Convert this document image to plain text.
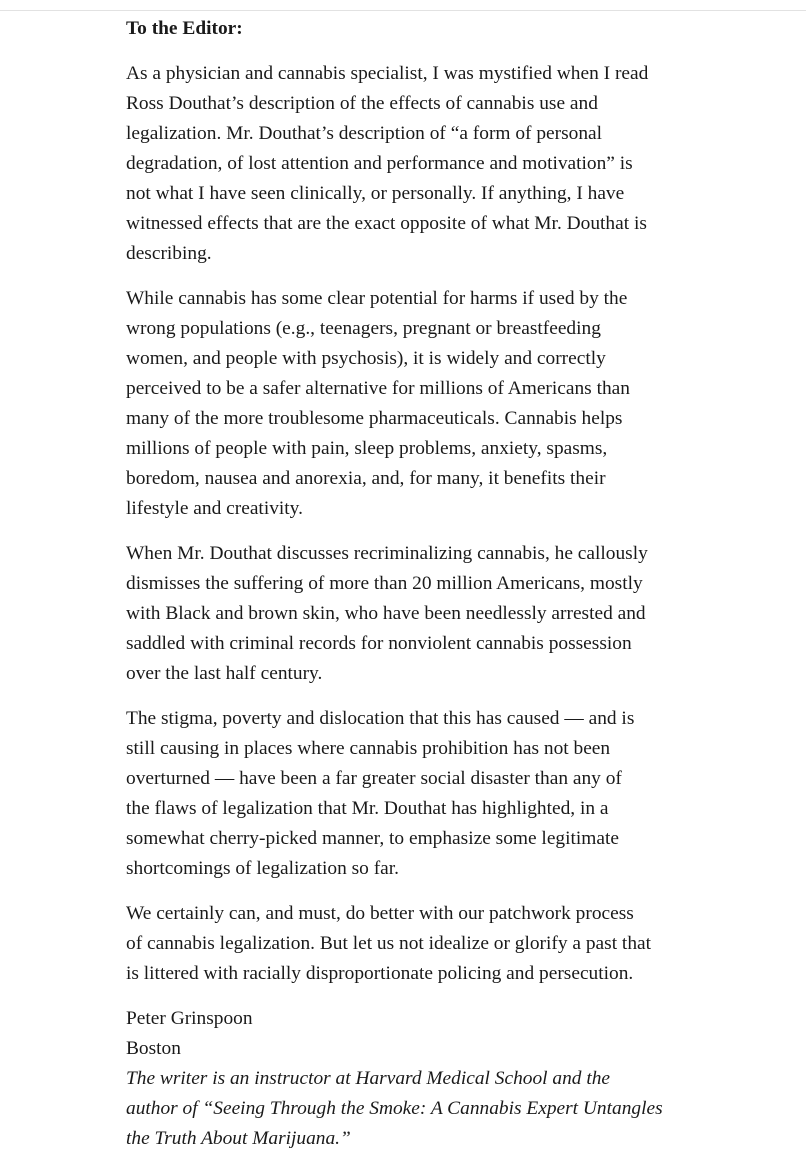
To the Editor:

As a physician and cannabis specialist, I was mystified when I read
Ross Douthat’s description of the effects of cannabis use and
legalization. Mr. Douthat’s description of “a form of personal
degradation, of lost attention and performance and motivation” is
not what I have seen clinically, or personally. If anything, I have
witnessed effects that are the exact opposite of what Mr. Douthat is
describing.

While cannabis has some clear potential for harms if used by the
wrong populations (e.g., teenagers, pregnant or breastfeeding
women, and people with psychosis), it is widely and correctly
perceived to be a safer alternative for millions of Americans than
many of the more troublesome pharmaceuticals. Cannabis helps
millions of people with pain, sleep problems, anxiety, spasms,
boredom, nausea and anorexia, and, for many, it benefits their
lifestyle and creativity.

When Mr. Douthat discusses recriminalizing cannabis, he callously
dismisses the suffering of more than 20 million Americans, mostly
with Black and brown skin, who have been needlessly arrested and
saddled with criminal records for nonviolent cannabis possession
over the last half century.

The stigma, poverty and dislocation that this has caused — and is
still causing in places where cannabis prohibition has not been
overturned — have been a far greater social disaster than any of
the flaws of legalization that Mr. Douthat has highlighted, in a
somewhat cherry-picked manner, to emphasize some legitimate
shortcomings of legalization so far.

We certainly can, and must, do better with our patchwork process
of cannabis legalization. But let us not idealize or glorify a past that
is littered with racially disproportionate policing and persecution.

Peter Grinspoon
Boston
The writer is an instructor at Harvard Medical School and the
author of “Seeing Through the Smoke: A Cannabis Expert Untangles
the Truth About Marijuana.”
